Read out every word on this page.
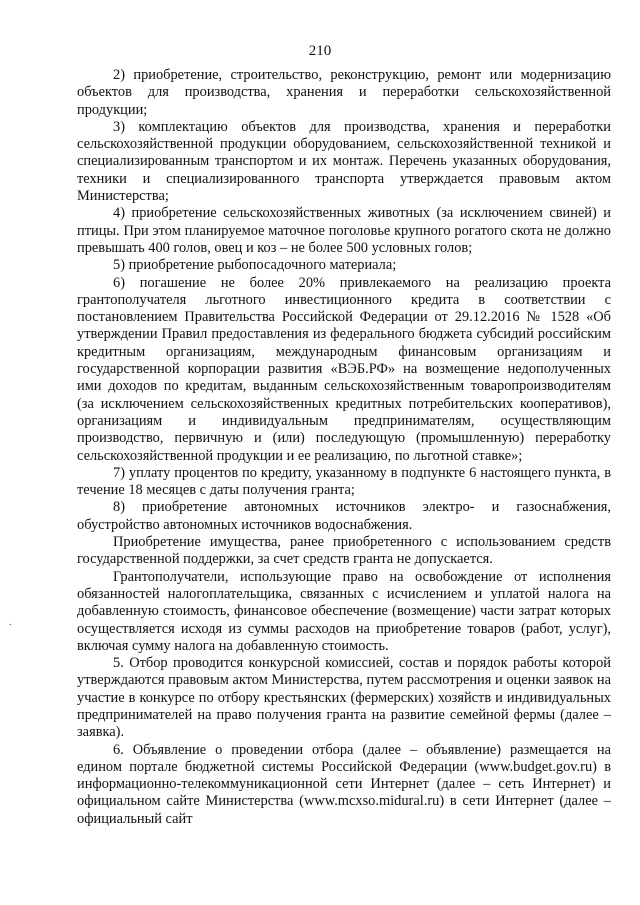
210
.

2) приобретение, строительство, реконструкцию, ремонт или модернизацию объектов для производства, хранения и переработки сельскохозяйственной продукции;

3) комплектацию объектов для производства, хранения и переработки сельскохозяйственной продукции оборудованием, сельскохозяйственной техникой и специализированным транспортом и их монтаж. Перечень указанных оборудования, техники и специализированного транспорта утверждается правовым актом Министерства;

4) приобретение сельскохозяйственных животных (за исключением свиней) и птицы. При этом планируемое маточное поголовье крупного рогатого скота не должно превышать 400 голов, овец и коз – не более 500 условных голов;

5) приобретение рыбопосадочного материала;

6) погашение не более 20% привлекаемого на реализацию проекта грантополучателя льготного инвестиционного кредита в соответствии с постановлением Правительства Российской Федерации от 29.12.2016 № 1528 «Об утверждении Правил предоставления из федерального бюджета субсидий российским кредитным организациям, международным финансовым организациям и государственной корпорации развития «ВЭБ.РФ» на возмещение недополученных ими доходов по кредитам, выданным сельскохозяйственным товаропроизводителям (за исключением сельскохозяйственных кредитных потребительских кооперативов), организациям и индивидуальным предпринимателям, осуществляющим производство, первичную и (или) последующую (промышленную) переработку сельскохозяйственной продукции и ее реализацию, по льготной ставке»;

7) уплату процентов по кредиту, указанному в подпункте 6 настоящего пункта, в течение 18 месяцев с даты получения гранта;

8) приобретение автономных источников электро- и газоснабжения, обустройство автономных источников водоснабжения.

Приобретение имущества, ранее приобретенного с использованием средств государственной поддержки, за счет средств гранта не допускается.

Грантополучатели, использующие право на освобождение от исполнения обязанностей налогоплательщика, связанных с исчислением и уплатой налога на добавленную стоимость, финансовое обеспечение (возмещение) части затрат которых осуществляется исходя из суммы расходов на приобретение товаров (работ, услуг), включая сумму налога на добавленную стоимость.

5. Отбор проводится конкурсной комиссией, состав и порядок работы которой утверждаются правовым актом Министерства, путем рассмотрения и оценки заявок на участие в конкурсе по отбору крестьянских (фермерских) хозяйств и индивидуальных предпринимателей на право получения гранта на развитие семейной фермы (далее – заявка).

6. Объявление о проведении отбора (далее – объявление) размещается на едином портале бюджетной системы Российской Федерации (www.budget.gov.ru) в информационно-телекоммуникационной сети Интернет (далее – сеть Интернет) и официальном сайте Министерства (www.mcxso.midural.ru) в сети Интернет (далее – официальный сайт
